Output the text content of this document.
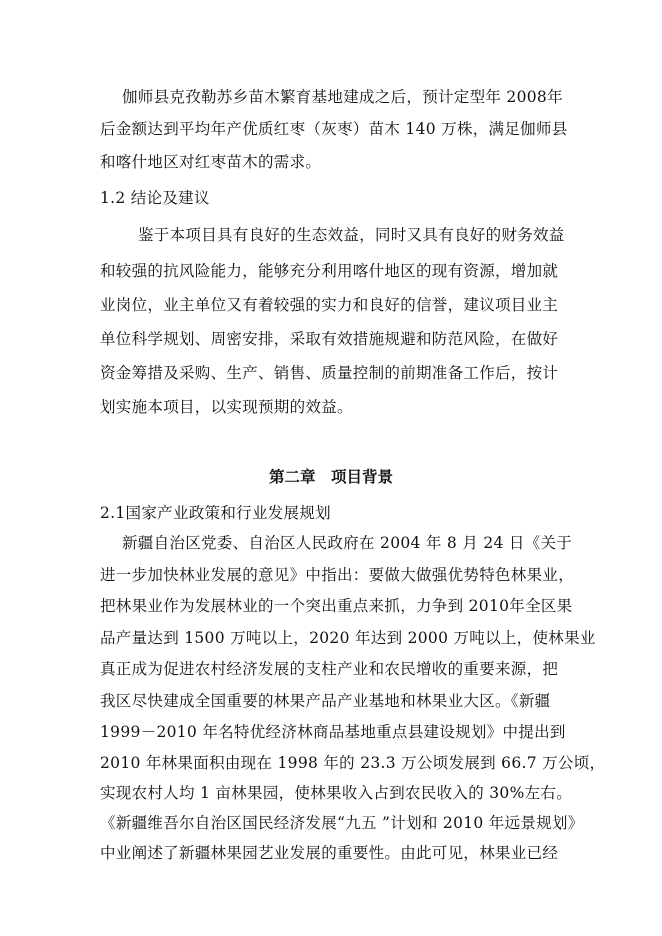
伽师县克孜勒苏乡苗木繁育基地建成之后，预计定型年 2008年
后金额达到平均年产优质红枣（灰枣）苗木 140 万株，满足伽师县
和喀什地区对红枣苗木的需求。
1.2 结论及建议
鉴于本项目具有良好的生态效益，同时又具有良好的财务效益
和较强的抗风险能力，能够充分利用喀什地区的现有资源，增加就
业岗位，业主单位又有着较强的实力和良好的信誉，建议项目业主
单位科学规划、周密安排，采取有效措施规避和防范风险，在做好
资金筹措及采购、生产、销售、质量控制的前期准备工作后，按计
划实施本项目，以实现预期的效益。
第二章　项目背景
2.1国家产业政策和行业发展规划
新疆自治区党委、自治区人民政府在 2004 年 8 月 24 日《关于
进一步加快林业发展的意见》中指出：要做大做强优势特色林果业，
把林果业作为发展林业的一个突出重点来抓，力争到 2010年全区果
品产量达到 1500 万吨以上，2020 年达到 2000 万吨以上，使林果业
真正成为促进农村经济发展的支柱产业和农民增收的重要来源，把
我区尽快建成全国重要的林果产品产业基地和林果业大区。《新疆
1999－2010 年名特优经济林商品基地重点县建设规划》中提出到
2010 年林果面积由现在 1998 年的 23.3 万公顷发展到 66.7 万公顷，
实现农村人均 1 亩林果园，使林果收入占到农民收入的 30%左右。
《新疆维吾尔自治区国民经济发展“九五 ”计划和 2010 年远景规划》
中业阐述了新疆林果园艺业发展的重要性。由此可见，林果业已经
